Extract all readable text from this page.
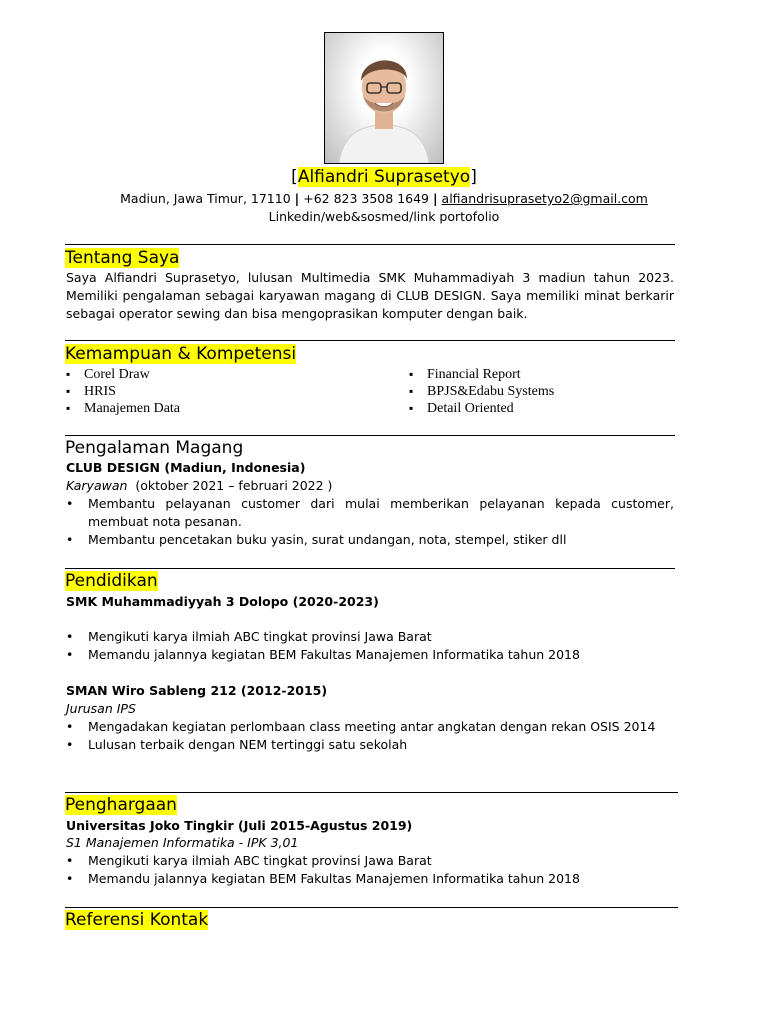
[Alfiandri Suprasetyo]
Madiun, Jawa Timur, 17110 | +62 823 3508 1649 | alfiandrisuprasetyo2@gmail.com
Linkedin/web&sosmed/link portofolio
Tentang Saya
Saya Alfiandri Suprasetyo, lulusan Multimedia SMK Muhammadiyah 3 madiun tahun 2023. Memiliki pengalaman sebagai karyawan magang di CLUB DESIGN. Saya memiliki minat berkarir sebagai operator sewing dan bisa mengoprasikan komputer dengan baik.
Kemampuan & Kompetensi
▪ Corel Draw
▪ HRIS
▪ Manajemen Data
▪ Financial Report
▪ BPJS&Edabu Systems
▪ Detail Oriented
Pengalaman Magang
CLUB DESIGN (Madiun, Indonesia)
Karyawan (oktober 2021 – februari 2022 )
• Membantu pelayanan customer dari mulai memberikan pelayanan kepada customer, membuat nota pesanan.
• Membantu pencetakan buku yasin, surat undangan, nota, stempel, stiker dll
Pendidikan
SMK Muhammadiyyah 3 Dolopo (2020-2023)
• Mengikuti karya ilmiah ABC tingkat provinsi Jawa Barat
• Memandu jalannya kegiatan BEM Fakultas Manajemen Informatika tahun 2018
SMAN Wiro Sableng 212 (2012-2015)
Jurusan IPS
• Mengadakan kegiatan perlombaan class meeting antar angkatan dengan rekan OSIS 2014
• Lulusan terbaik dengan NEM tertinggi satu sekolah
Penghargaan
Universitas Joko Tingkir (Juli 2015-Agustus 2019)
S1 Manajemen Informatika - IPK 3,01
• Mengikuti karya ilmiah ABC tingkat provinsi Jawa Barat
• Memandu jalannya kegiatan BEM Fakultas Manajemen Informatika tahun 2018
Referensi Kontak
